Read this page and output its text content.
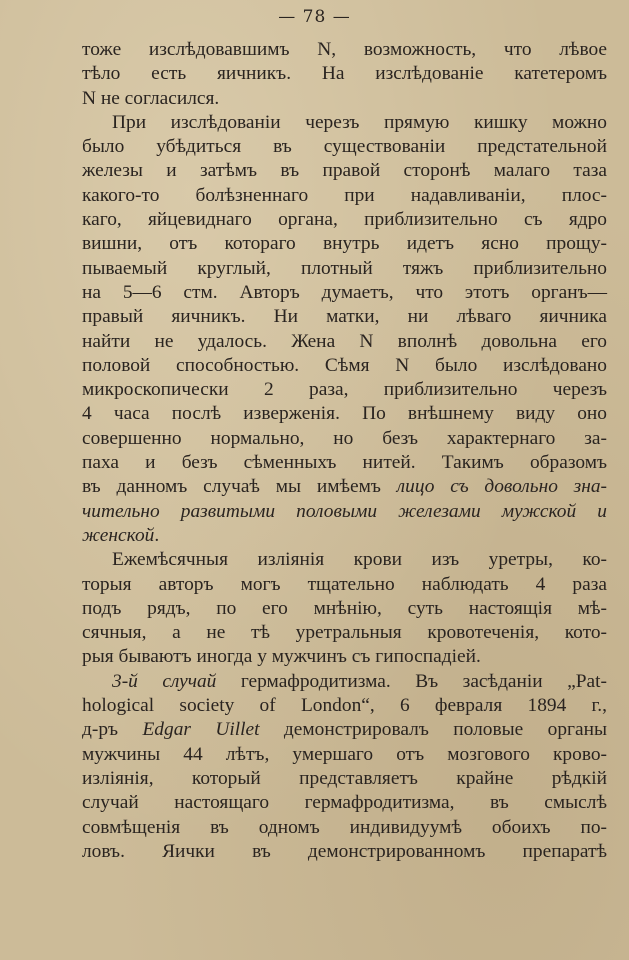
— 78 —
тоже изслѣдовавшимъ N, возможность, что лѣвое
тѣло есть яичникъ. На изслѣдованіе катетеромъ
N не согласился.
При изслѣдованіи черезъ прямую кишку можно
было убѣдиться въ существованіи предстательной
железы и затѣмъ въ правой сторонѣ малаго таза
какого-то болѣзненнаго при надавливаніи, плос-
каго, яйцевиднаго органа, приблизительно съ ядро
вишни, отъ котораго внутрь идетъ ясно прощу-
пываемый круглый, плотный тяжъ приблизительно
на 5—6 стм. Авторъ думаетъ, что этотъ органъ—
правый яичникъ. Ни матки, ни лѣваго яичника
найти не удалось. Жена N вполнѣ довольна его
половой способностью. Сѣмя N было изслѣдовано
микроскопически 2 раза, приблизительно черезъ
4 часа послѣ изверженія. По внѣшнему виду оно
совершенно нормально, но безъ характернаго за-
паха и безъ сѣменныхъ нитей. Такимъ образомъ
въ данномъ случаѣ мы имѣемъ лицо съ довольно зна-
чительно развитыми половыми железами мужской и
женской.
Ежемѣсячныя изліянія крови изъ уретры, ко-
торыя авторъ могъ тщательно наблюдать 4 раза
подъ рядъ, по его мнѣнію, суть настоящія мѣ-
сячныя, а не тѣ уретральныя кровотеченія, кото-
рыя бываютъ иногда у мужчинъ съ гипоспадіей.
3-й случай гермафродитизма. Въ засѣданіи „Pat-
hological society of London“, 6 февраля 1894 г.,
д-ръ Edgar Uillet демонстрировалъ половые органы
мужчины 44 лѣтъ, умершаго отъ мозгового крово-
изліянія, который представляетъ крайне рѣдкій
случай настоящаго гермафродитизма, въ смыслѣ
совмѣщенія въ одномъ индивидуумѣ обоихъ по-
ловъ. Яички въ демонстрированномъ препаратѣ
